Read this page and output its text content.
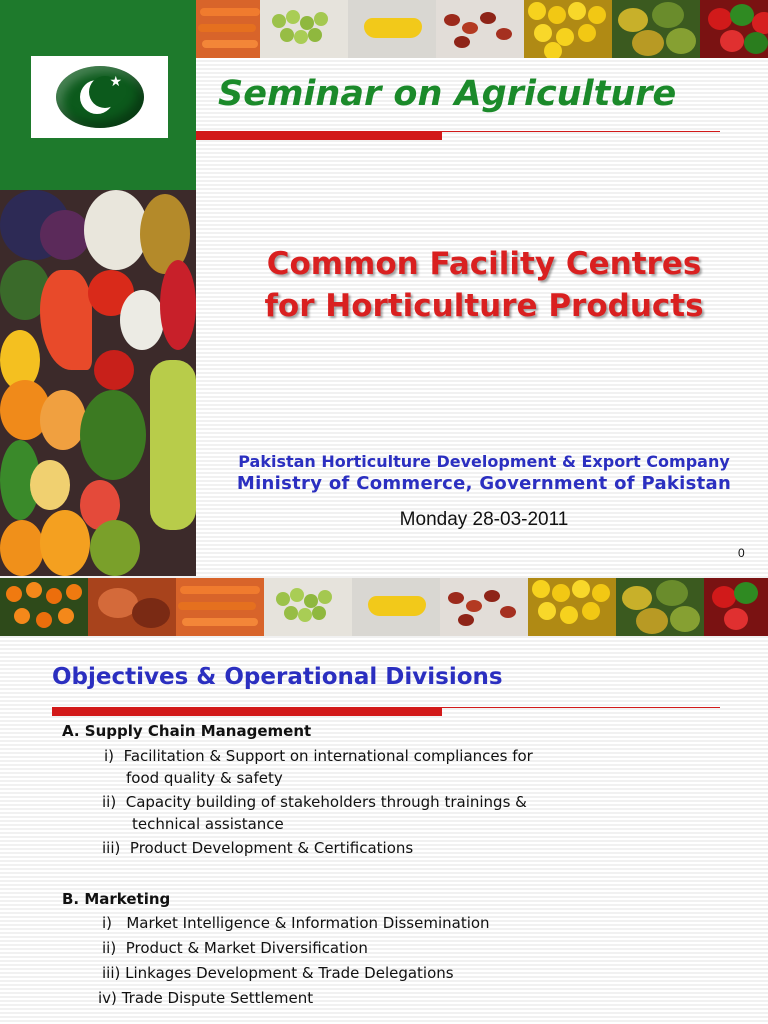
★	Seminar on Agriculture
Common Facility Centres
for Horticulture Products
Pakistan Horticulture Development & Export Company
Ministry of Commerce, Government of Pakistan
Monday 28-03-2011
0
Objectives & Operational Divisions
A. Supply Chain Management
i) Facilitation & Support on international compliances for
food quality & safety
ii) Capacity building of stakeholders through trainings &
technical assistance
iii) Product Development & Certifications
B. Marketing
i) Market Intelligence & Information Dissemination
ii) Product & Market Diversification
iii) Linkages Development & Trade Delegations
iv) Trade Dispute Settlement
